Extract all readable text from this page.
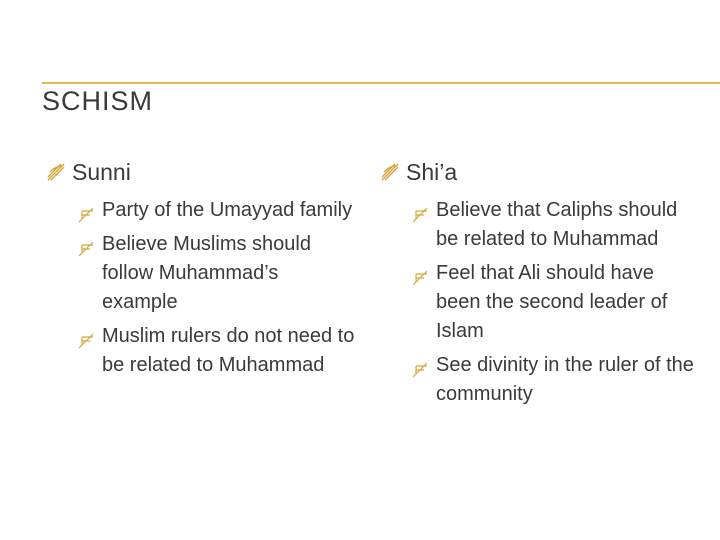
SCHISM
Sunni
Party of the Umayyad family
Believe Muslims should follow Muhammad’s example
Muslim rulers do not need to be related to Muhammad
Shi’a
Believe that Caliphs should be related to Muhammad
Feel that Ali should have been the second leader of Islam
See divinity in the ruler of the community
